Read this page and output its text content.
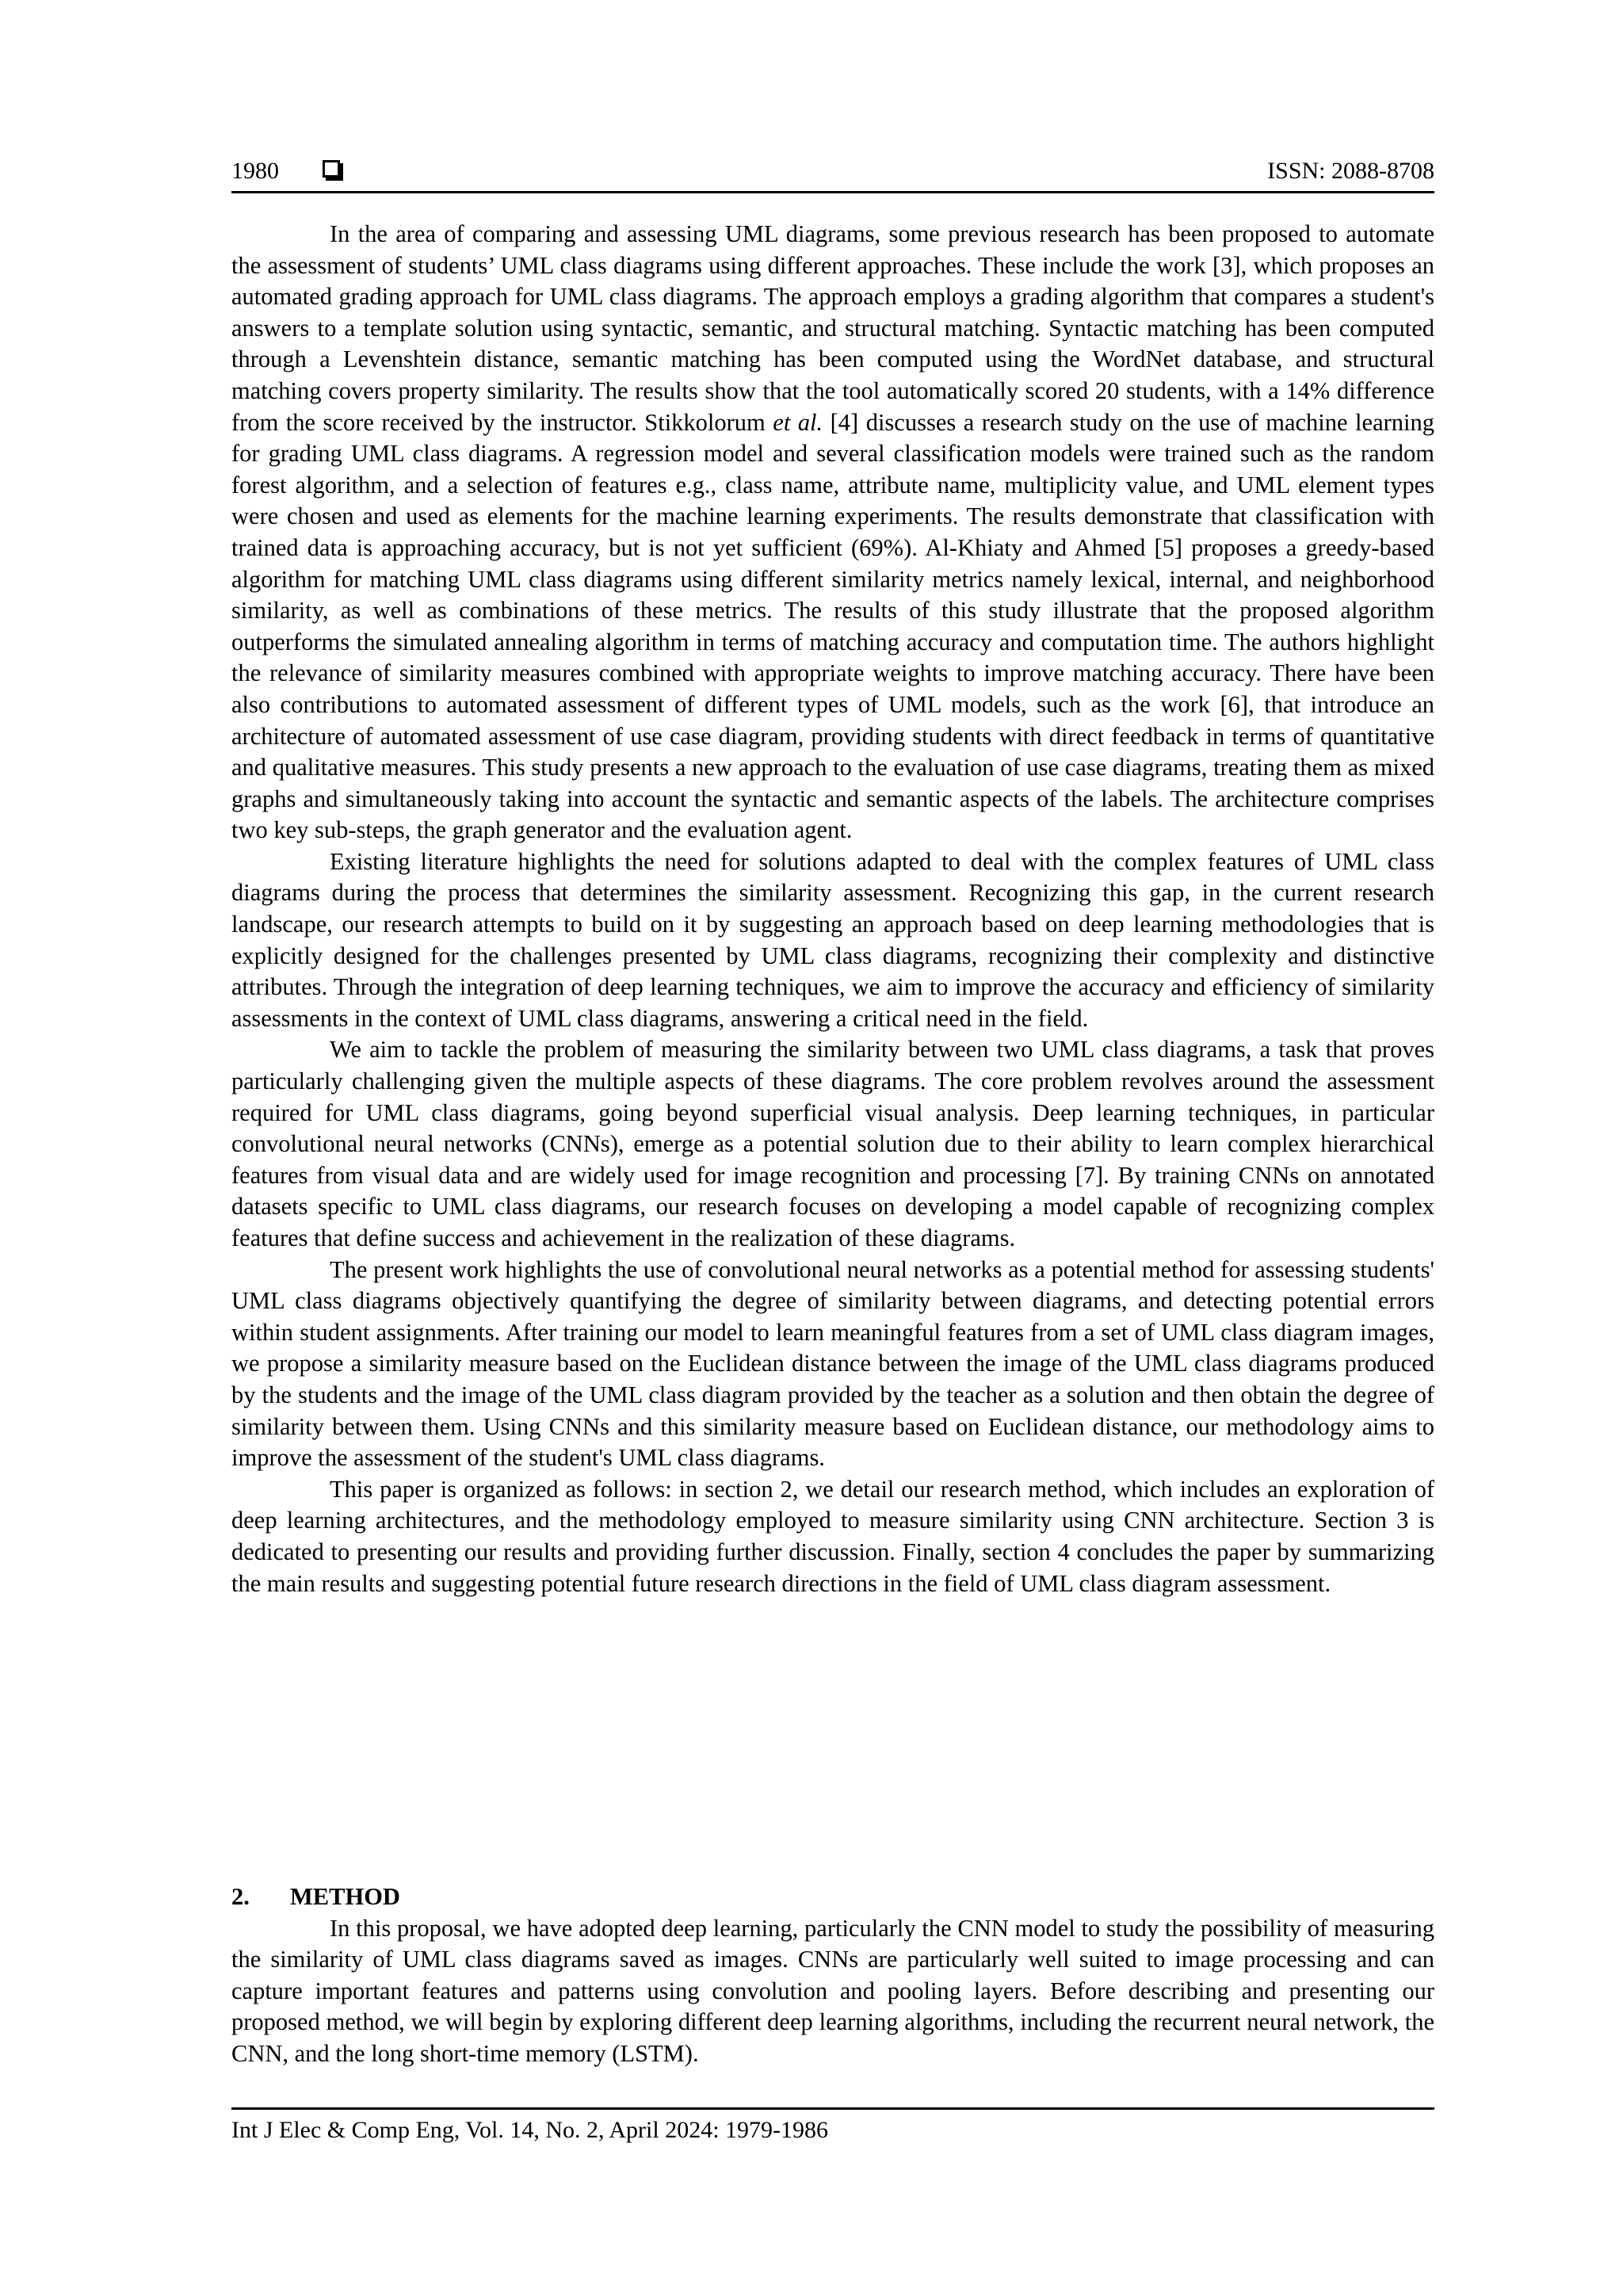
1980	ISSN: 2088-8708

In the area of comparing and assessing UML diagrams, some previous research has been proposed to automate the assessment of students’ UML class diagrams using different approaches. These include the work [3], which proposes an automated grading approach for UML class diagrams. The approach employs a grading algorithm that compares a student's answers to a template solution using syntactic, semantic, and structural matching. Syntactic matching has been computed through a Levenshtein distance, semantic matching has been computed using the WordNet database, and structural matching covers property similarity. The results show that the tool automatically scored 20 students, with a 14% difference from the score received by the instructor. Stikkolorum et al. [4] discusses a research study on the use of machine learning for grading UML class diagrams. A regression model and several classification models were trained such as the random forest algorithm, and a selection of features e.g., class name, attribute name, multiplicity value, and UML element types were chosen and used as elements for the machine learning experiments. The results demonstrate that classification with trained data is approaching accuracy, but is not yet sufficient (69%). Al-Khiaty and Ahmed [5] proposes a greedy-based algorithm for matching UML class diagrams using different similarity metrics namely lexical, internal, and neighborhood similarity, as well as combinations of these metrics. The results of this study illustrate that the proposed algorithm outperforms the simulated annealing algorithm in terms of matching accuracy and computation time. The authors highlight the relevance of similarity measures combined with appropriate weights to improve matching accuracy. There have been also contributions to automated assessment of different types of UML models, such as the work [6], that introduce an architecture of automated assessment of use case diagram, providing students with direct feedback in terms of quantitative and qualitative measures. This study presents a new approach to the evaluation of use case diagrams, treating them as mixed graphs and simultaneously taking into account the syntactic and semantic aspects of the labels. The architecture comprises two key sub-steps, the graph generator and the evaluation agent.

Existing literature highlights the need for solutions adapted to deal with the complex features of UML class diagrams during the process that determines the similarity assessment. Recognizing this gap, in the current research landscape, our research attempts to build on it by suggesting an approach based on deep learning methodologies that is explicitly designed for the challenges presented by UML class diagrams, recognizing their complexity and distinctive attributes. Through the integration of deep learning techniques, we aim to improve the accuracy and efficiency of similarity assessments in the context of UML class diagrams, answering a critical need in the field.

We aim to tackle the problem of measuring the similarity between two UML class diagrams, a task that proves particularly challenging given the multiple aspects of these diagrams. The core problem revolves around the assessment required for UML class diagrams, going beyond superficial visual analysis. Deep learning techniques, in particular convolutional neural networks (CNNs), emerge as a potential solution due to their ability to learn complex hierarchical features from visual data and are widely used for image recognition and processing [7]. By training CNNs on annotated datasets specific to UML class diagrams, our research focuses on developing a model capable of recognizing complex features that define success and achievement in the realization of these diagrams.

The present work highlights the use of convolutional neural networks as a potential method for assessing students' UML class diagrams objectively quantifying the degree of similarity between diagrams, and detecting potential errors within student assignments. After training our model to learn meaningful features from a set of UML class diagram images, we propose a similarity measure based on the Euclidean distance between the image of the UML class diagrams produced by the students and the image of the UML class diagram provided by the teacher as a solution and then obtain the degree of similarity between them. Using CNNs and this similarity measure based on Euclidean distance, our methodology aims to improve the assessment of the student's UML class diagrams.

This paper is organized as follows: in section 2, we detail our research method, which includes an exploration of deep learning architectures, and the methodology employed to measure similarity using CNN architecture. Section 3 is dedicated to presenting our results and providing further discussion. Finally, section 4 concludes the paper by summarizing the main results and suggesting potential future research directions in the field of UML class diagram assessment.

2. METHOD

In this proposal, we have adopted deep learning, particularly the CNN model to study the possibility of measuring the similarity of UML class diagrams saved as images. CNNs are particularly well suited to image processing and can capture important features and patterns using convolution and pooling layers. Before describing and presenting our proposed method, we will begin by exploring different deep learning algorithms, including the recurrent neural network, the CNN, and the long short-time memory (LSTM).

Int J Elec & Comp Eng, Vol. 14, No. 2, April 2024: 1979-1986
